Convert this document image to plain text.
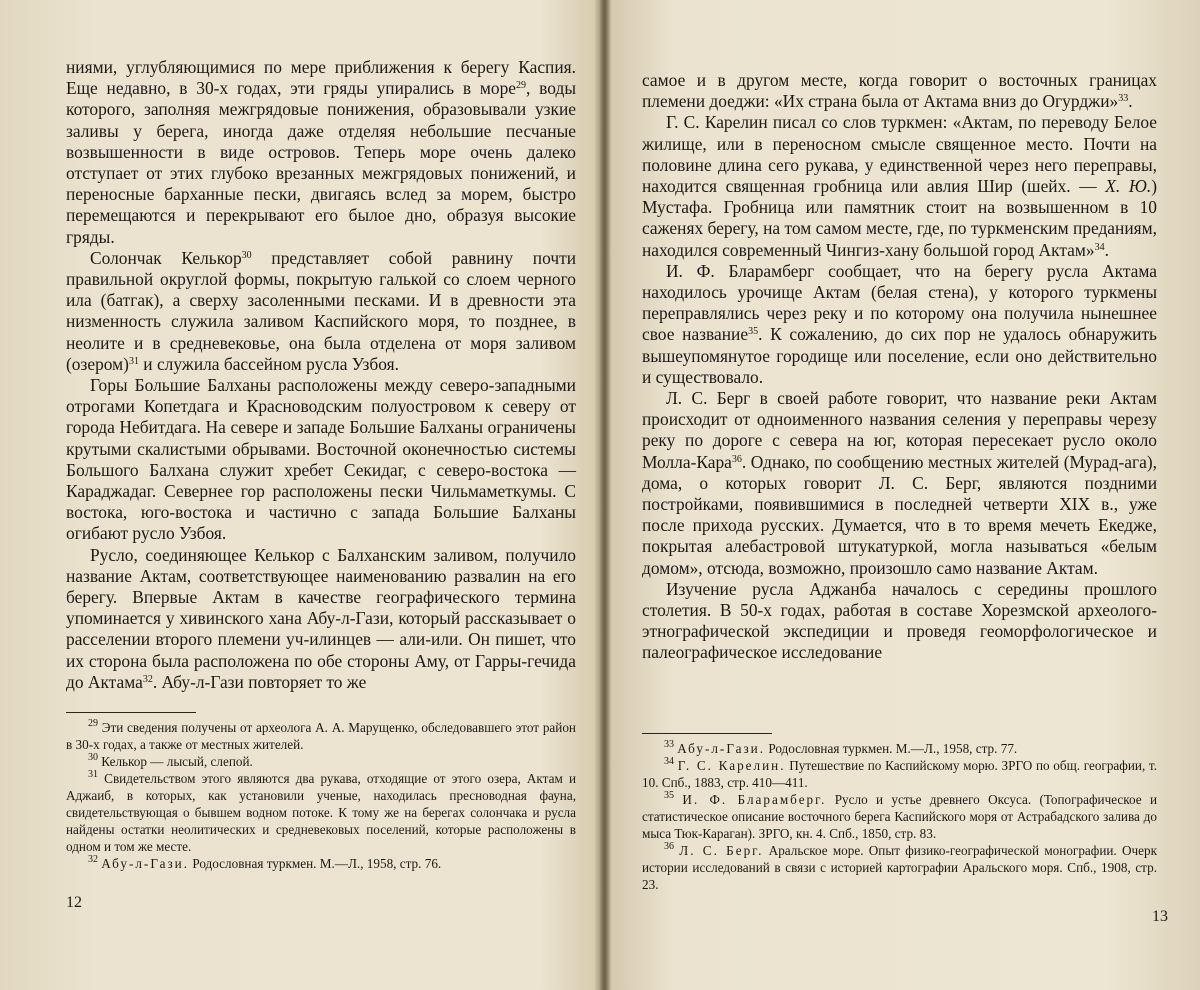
ниями, углубляющимися по мере приближения к берегу Каспия. Еще недавно, в 30-х годах, эти гряды упирались в море$^{29}$, воды которого, заполняя межгрядовые понижения, образовывали узкие заливы у берега, иногда даже отделяя небольшие песчаные возвышенности в виде островов. Теперь море очень далеко отступает от этих глубоко врезанных межгрядовых понижений, и переносные барханные пески, двигаясь вслед за морем, быстро перемещаются и перекрывают его былое дно, образуя высокие гряды.

Солончак Келькор$^{30}$ представляет собой равнину почти правильной округлой формы, покрытую галькой со слоем черного ила (батгак), а сверху засоленными песками. И в древности эта низменность служила заливом Каспийского моря, то позднее, в неолите и в средневековье, она была отделена от моря заливом (озером)$^{31}$ и служила бассейном русла Узбоя.

Горы Большие Балханы расположены между северо-западными отрогами Копетдага и Красноводским полуостровом к северу от города Небитдага. На севере и западе Большие Балханы ограничены крутыми скалистыми обрывами. Восточной оконечностью системы Большого Балхана служит хребет Секидаг, с северо-востока — Караджадаг. Севернее гор расположены пески Чильмаметкумы. С востока, юго-востока и частично с запада Большие Балханы огибают русло Узбоя.

Русло, соединяющее Келькор с Балханским заливом, получило название Актам, соответствующее наименованию развалин на его берегу. Впервые Актам в качестве географического термина упоминается у хивинского хана Абу-л-Гази, который рассказывает о расселении второго племени уч-илинцев — али-или. Он пишет, что их сторона была расположена по обе стороны Аму, от Гарры-гечида до Актама$^{32}$. Абу-л-Гази повторяет то же

$^{29}$ Эти сведения получены от археолога А. А. Марущенко, обследовавшего этот район в 30-х годах, а также от местных жителей.

$^{30}$ Келькор — лысый, слепой.

$^{31}$ Свидетельством этого являются два рукава, отходящие от этого озера, Актам и Аджаиб, в которых, как установили ученые, находилась пресноводная фауна, свидетельствующая о бывшем водном потоке. К тому же на берегах солончака и русла найдены остатки неолитических и средневековых поселений, которые расположены в одном и том же месте.

$^{32}$ Абу-л-Гази. Родословная туркмен. М.—Л., 1958, стр. 76.

12

самое и в другом месте, когда говорит о восточных границах племени доеджи: «Их страна была от Актама вниз до Огурджи»$^{33}$.

Г. С. Карелин писал со слов туркмен: «Актам, по переводу Белое жилище, или в переносном смысле священное место. Почти на половине длина сего рукава, у единственной через него переправы, находится священная гробница или авлия Шир (шейх. — Х. Ю.) Мустафа. Гробница или памятник стоит на возвышенном в 10 саженях берегу, на том самом месте, где, по туркменским преданиям, находился современный Чингиз-хану большой город Актам»$^{34}$.

И. Ф. Бларамберг сообщает, что на берегу русла Актама находилось урочище Актам (белая стена), у которого туркмены переправлялись через реку и по которому она получила нынешнее свое название$^{35}$. К сожалению, до сих пор не удалось обнаружить вышеупомянутое городище или поселение, если оно действительно и существовало.

Л. С. Берг в своей работе говорит, что название реки Актам происходит от одноименного названия селения у переправы черезу реку по дороге с севера на юг, которая пересекает русло около Молла-Кара$^{36}$. Однако, по сообщению местных жителей (Мурад-ага), дома, о которых говорит Л. С. Берг, являются поздними постройками, появившимися в последней четверти XIX в., уже после прихода русских. Думается, что в то время мечеть Екедже, покрытая алебастровой штукатуркой, могла называться «белым домом», отсюда, возможно, произошло само название Актам.

Изучение русла Аджанба началось с середины прошлого столетия. В 50-х годах, работая в составе Хорезмской археолого-этнографической экспедиции и проведя геоморфологическое и палеографическое исследование

$^{33}$ Абу-л-Гази. Родословная туркмен. М.—Л., 1958, стр. 77.

$^{34}$ Г. С. Карелин. Путешествие по Каспийскому морю. ЗРГО по общ. географии, т. 10. Спб., 1883, стр. 410—411.

$^{35}$ И. Ф. Бларамберг. Русло и устье древнего Оксуса. (Топографическое и статистическое описание восточного берега Каспийского моря от Астрабадского залива до мыса Тюк-Караган). ЗРГО, кн. 4. Спб., 1850, стр. 83.

$^{36}$ Л. С. Берг. Аральское море. Опыт физико-географической монографии. Очерк истории исследований в связи с историей картографии Аральского моря. Спб., 1908, стр. 23.

13
